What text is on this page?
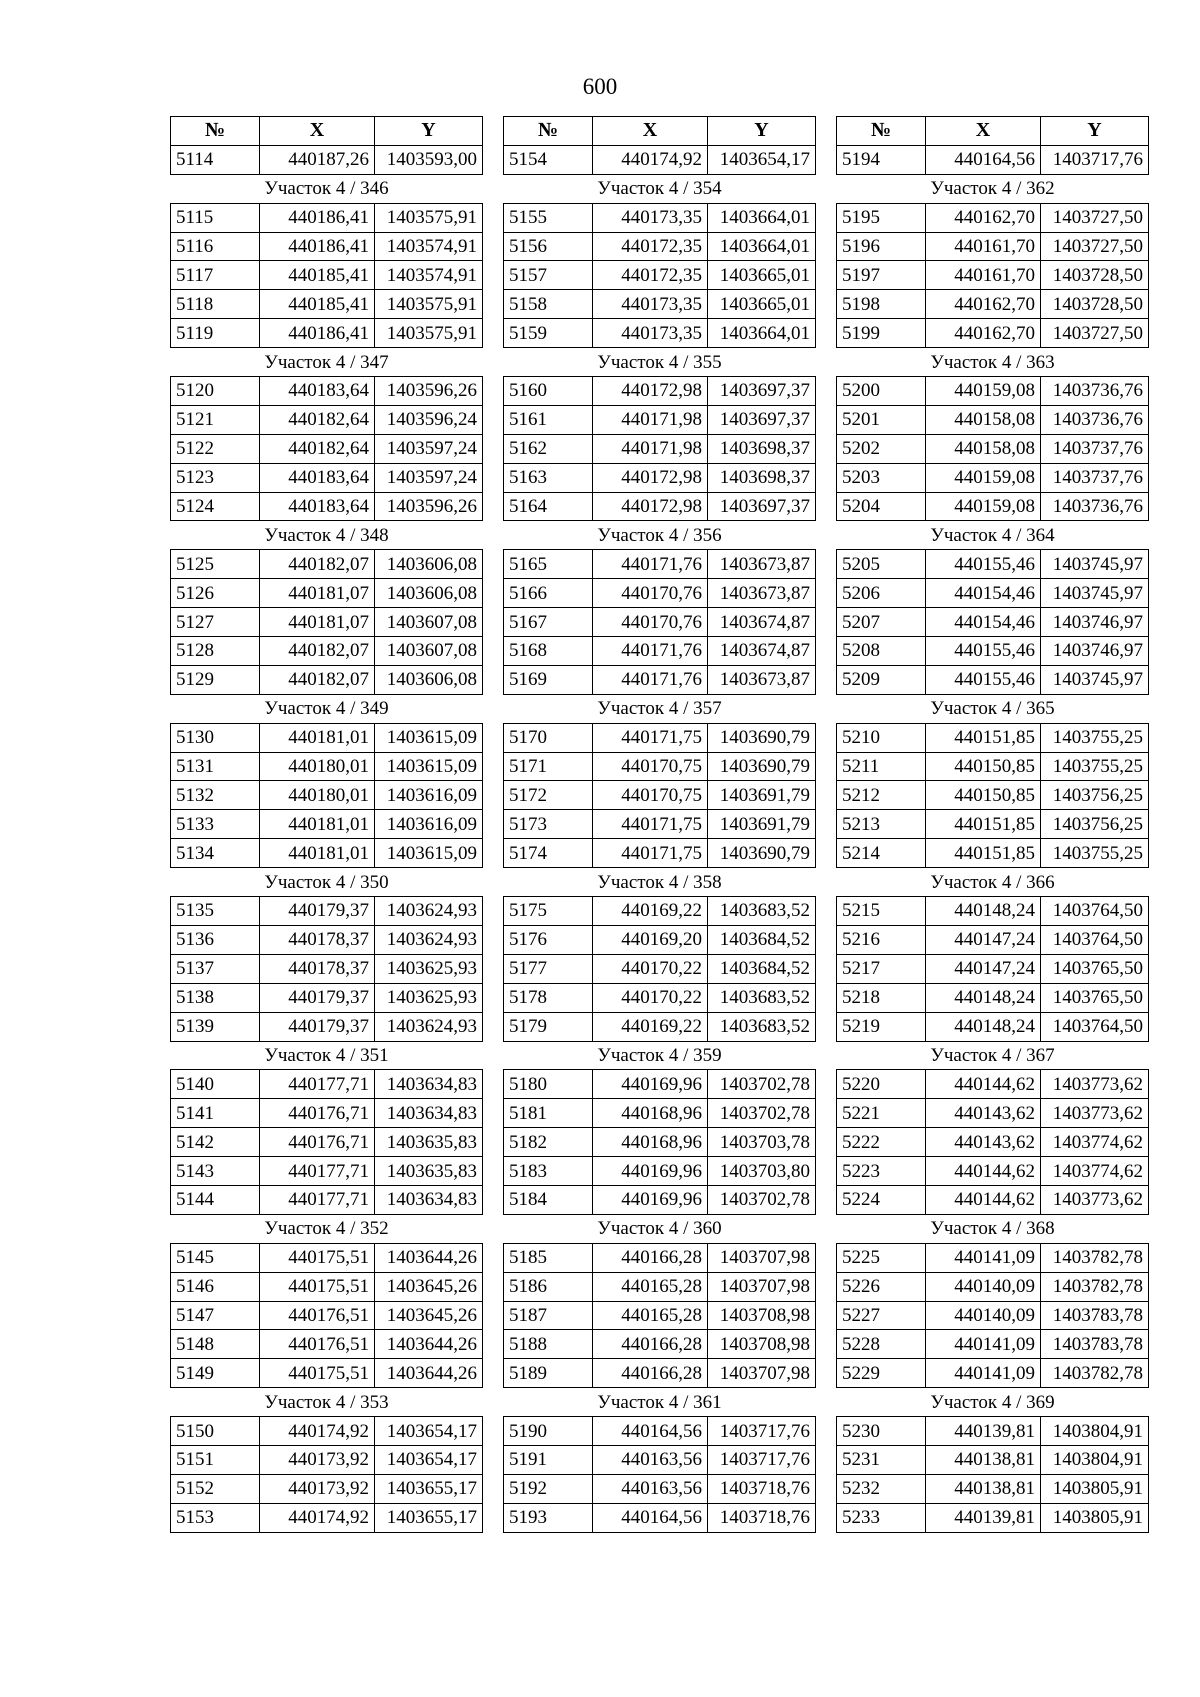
600
№	X	Y
5114	440187,26	1403593,00
Участок 4 / 346		
5115	440186,41	1403575,91
5116	440186,41	1403574,91
5117	440185,41	1403574,91
5118	440185,41	1403575,91
5119	440186,41	1403575,91
Участок 4 / 347		
5120	440183,64	1403596,26
5121	440182,64	1403596,24
5122	440182,64	1403597,24
5123	440183,64	1403597,24
5124	440183,64	1403596,26
Участок 4 / 348		
5125	440182,07	1403606,08
5126	440181,07	1403606,08
5127	440181,07	1403607,08
5128	440182,07	1403607,08
5129	440182,07	1403606,08
Участок 4 / 349		
5130	440181,01	1403615,09
5131	440180,01	1403615,09
5132	440180,01	1403616,09
5133	440181,01	1403616,09
5134	440181,01	1403615,09
Участок 4 / 350		
5135	440179,37	1403624,93
5136	440178,37	1403624,93
5137	440178,37	1403625,93
5138	440179,37	1403625,93
5139	440179,37	1403624,93
Участок 4 / 351		
5140	440177,71	1403634,83
5141	440176,71	1403634,83
5142	440176,71	1403635,83
5143	440177,71	1403635,83
5144	440177,71	1403634,83
Участок 4 / 352		
5145	440175,51	1403644,26
5146	440175,51	1403645,26
5147	440176,51	1403645,26
5148	440176,51	1403644,26
5149	440175,51	1403644,26
Участок 4 / 353		
5150	440174,92	1403654,17
5151	440173,92	1403654,17
5152	440173,92	1403655,17
5153	440174,92	1403655,17
№	X	Y
5154	440174,92	1403654,17
Участок 4 / 354		
5155	440173,35	1403664,01
5156	440172,35	1403664,01
5157	440172,35	1403665,01
5158	440173,35	1403665,01
5159	440173,35	1403664,01
Участок 4 / 355		
5160	440172,98	1403697,37
5161	440171,98	1403697,37
5162	440171,98	1403698,37
5163	440172,98	1403698,37
5164	440172,98	1403697,37
Участок 4 / 356		
5165	440171,76	1403673,87
5166	440170,76	1403673,87
5167	440170,76	1403674,87
5168	440171,76	1403674,87
5169	440171,76	1403673,87
Участок 4 / 357		
5170	440171,75	1403690,79
5171	440170,75	1403690,79
5172	440170,75	1403691,79
5173	440171,75	1403691,79
5174	440171,75	1403690,79
Участок 4 / 358		
5175	440169,22	1403683,52
5176	440169,20	1403684,52
5177	440170,22	1403684,52
5178	440170,22	1403683,52
5179	440169,22	1403683,52
Участок 4 / 359		
5180	440169,96	1403702,78
5181	440168,96	1403702,78
5182	440168,96	1403703,78
5183	440169,96	1403703,80
5184	440169,96	1403702,78
Участок 4 / 360		
5185	440166,28	1403707,98
5186	440165,28	1403707,98
5187	440165,28	1403708,98
5188	440166,28	1403708,98
5189	440166,28	1403707,98
Участок 4 / 361		
5190	440164,56	1403717,76
5191	440163,56	1403717,76
5192	440163,56	1403718,76
5193	440164,56	1403718,76
№	X	Y
5194	440164,56	1403717,76
Участок 4 / 362		
5195	440162,70	1403727,50
5196	440161,70	1403727,50
5197	440161,70	1403728,50
5198	440162,70	1403728,50
5199	440162,70	1403727,50
Участок 4 / 363		
5200	440159,08	1403736,76
5201	440158,08	1403736,76
5202	440158,08	1403737,76
5203	440159,08	1403737,76
5204	440159,08	1403736,76
Участок 4 / 364		
5205	440155,46	1403745,97
5206	440154,46	1403745,97
5207	440154,46	1403746,97
5208	440155,46	1403746,97
5209	440155,46	1403745,97
Участок 4 / 365		
5210	440151,85	1403755,25
5211	440150,85	1403755,25
5212	440150,85	1403756,25
5213	440151,85	1403756,25
5214	440151,85	1403755,25
Участок 4 / 366		
5215	440148,24	1403764,50
5216	440147,24	1403764,50
5217	440147,24	1403765,50
5218	440148,24	1403765,50
5219	440148,24	1403764,50
Участок 4 / 367		
5220	440144,62	1403773,62
5221	440143,62	1403773,62
5222	440143,62	1403774,62
5223	440144,62	1403774,62
5224	440144,62	1403773,62
Участок 4 / 368		
5225	440141,09	1403782,78
5226	440140,09	1403782,78
5227	440140,09	1403783,78
5228	440141,09	1403783,78
5229	440141,09	1403782,78
Участок 4 / 369		
5230	440139,81	1403804,91
5231	440138,81	1403804,91
5232	440138,81	1403805,91
5233	440139,81	1403805,91
